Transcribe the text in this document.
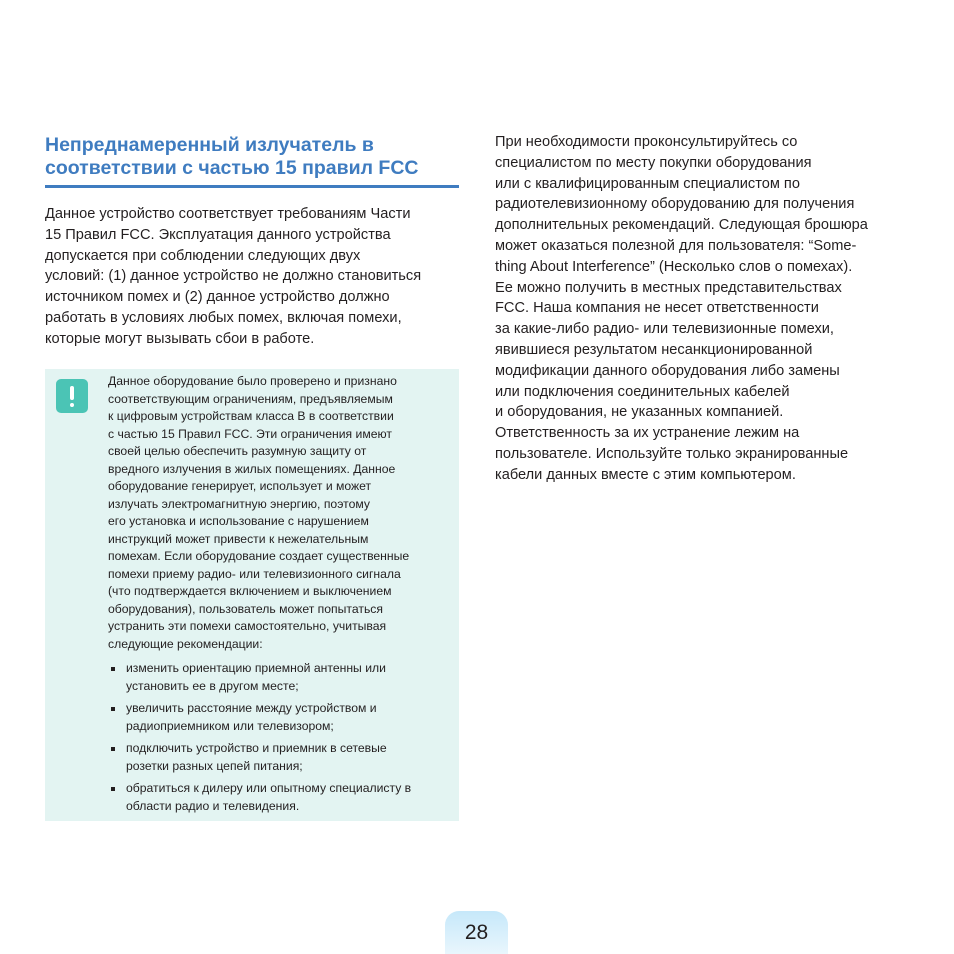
Непреднамеренный излучатель в
соответствии с частью 15 правил FCC

Данное устройство соответствует требованиям Части
15 Правил FCC. Эксплуатация данного устройства
допускается при соблюдении следующих двух
условий: (1) данное устройство не должно становиться
источником помех и (2) данное устройство должно
работать в условиях любых помех, включая помехи,
которые могут вызывать сбои в работе.

Данное оборудование было проверено и признано
соответствующим ограничениям, предъявляемым
к цифровым устройствам класса B в соответствии
с частью 15 Правил FCC. Эти ограничения имеют
своей целью обеспечить разумную защиту от
вредного излучения в жилых помещениях. Данное
оборудование генерирует, использует и может
излучать электромагнитную энергию, поэтому
его установка и использование с нарушением
инструкций может привести к нежелательным
помехам. Если оборудование создает существенные
помехи приему радио- или телевизионного сигнала
(что подтверждается включением и выключением
оборудования), пользователь может попытаться
устранить эти помехи самостоятельно, учитывая
следующие рекомендации:

изменить ориентацию приемной антенны или
установить ее в другом месте;
увеличить расстояние между устройством и
радиоприемником или телевизором;
подключить устройство и приемник в сетевые
розетки разных цепей питания;
обратиться к дилеру или опытному специалисту в
области радио и телевидения.

При необходимости проконсультируйтесь со
специалистом по месту покупки оборудования
или с квалифицированным специалистом по
радиотелевизионному оборудованию для получения
дополнительных рекомендаций. Следующая брошюра
может оказаться полезной для пользователя: “Some-
thing About Interference” (Несколько слов о помехах).
Ее можно получить в местных представительствах
FCC. Наша компания не несет ответственности
за какие-либо радио- или телевизионные помехи,
явившиеся результатом несанкционированной
модификации данного оборудования либо замены
или подключения соединительных кабелей
и оборудования, не указанных компанией.
Ответственность за их устранение лежим на
пользователе. Используйте только экранированные
кабели данных вместе с этим компьютером.

28
